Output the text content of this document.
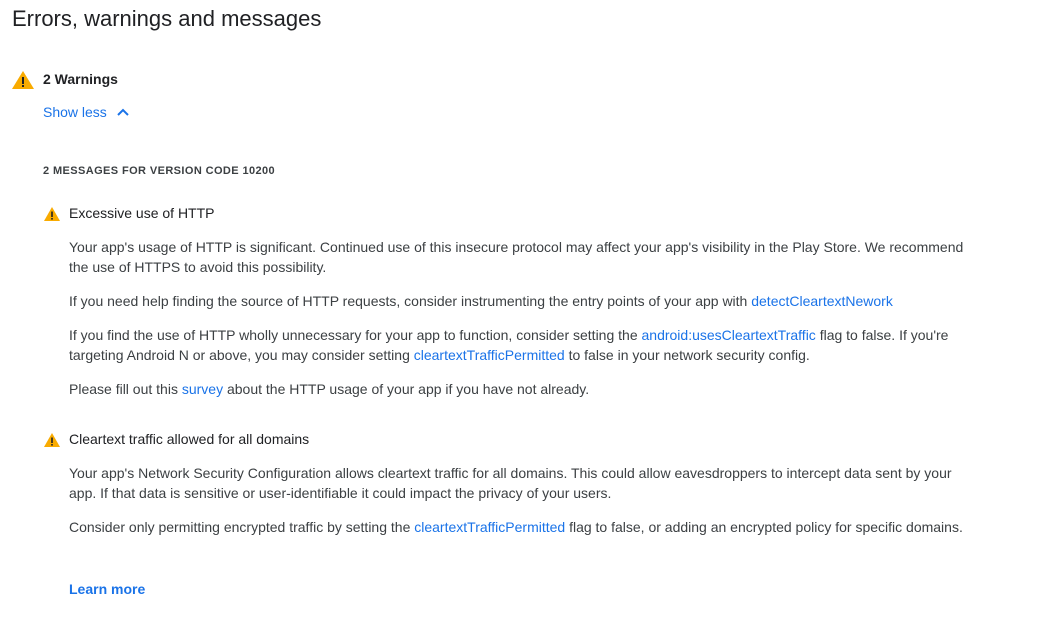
Errors, warnings and messages
2 Warnings
Show less
2 MESSAGES FOR VERSION CODE 10200
Excessive use of HTTP
Your app's usage of HTTP is significant. Continued use of this insecure protocol may affect your app's visibility in the Play Store. We recommend the use of HTTPS to avoid this possibility.
If you need help finding the source of HTTP requests, consider instrumenting the entry points of your app with detectCleartextNework
If you find the use of HTTP wholly unnecessary for your app to function, consider setting the android:usesCleartextTraffic flag to false. If you're targeting Android N or above, you may consider setting cleartextTrafficPermitted to false in your network security config.
Please fill out this survey about the HTTP usage of your app if you have not already.
Cleartext traffic allowed for all domains
Your app's Network Security Configuration allows cleartext traffic for all domains. This could allow eavesdroppers to intercept data sent by your app. If that data is sensitive or user-identifiable it could impact the privacy of your users.
Consider only permitting encrypted traffic by setting the cleartextTrafficPermitted flag to false, or adding an encrypted policy for specific domains.
Learn more
